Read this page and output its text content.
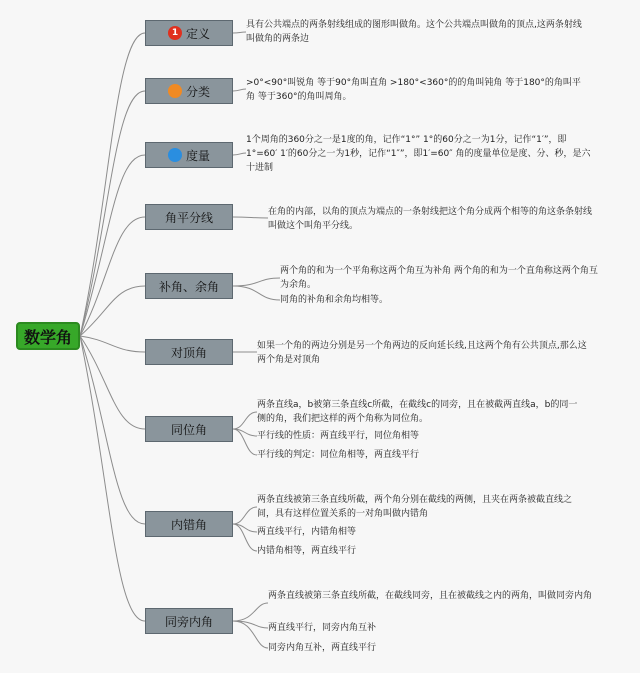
数学角
1 定义
分类
度量
角平分线
补角、余角
对顶角
同位角
内错角
同旁内角
具有公共端点的两条射线组成的图形叫做角。这个公共端点叫做角的顶点,这两条射线叫做角的两条边
>0°<90°叫锐角 等于90°角叫直角 >180°<360°的的角叫钝角 等于180°的角叫平角 等于360°的角叫周角。
1个周角的360分之一是1度的角，记作“1°” 1°的60分之一为1分，记作“1′”，即1°=60′ 1′的60分之一为1秒，记作“1″”，即1′=60″ 角的度量单位是度、分、秒，是六十进制
在角的内部，以角的顶点为端点的一条射线把这个角分成两个相等的角这条条射线叫做这个叫角平分线。
两个角的和为一个平角称这两个角互为补角 两个角的和为一个直角称这两个角互为余角。
同角的补角和余角均相等。
如果一个角的两边分别是另一个角两边的反向延长线,且这两个角有公共顶点,那么这两个角是对顶角
两条直线a，b被第三条直线c所截，在截线c的同旁，且在被截两直线a，b的同一侧的角，我们把这样的两个角称为同位角。
平行线的性质：两直线平行，同位角相等
平行线的判定：同位角相等，两直线平行
两条直线被第三条直线所截，两个角分别在截线的两侧，且夹在两条被截直线之间，具有这样位置关系的一对角叫做内错角
两直线平行，内错角相等
内错角相等，两直线平行
两条直线被第三条直线所截，在截线同旁，且在被截线之内的两角，叫做同旁内角
两直线平行，同旁内角互补
同旁内角互补，两直线平行
